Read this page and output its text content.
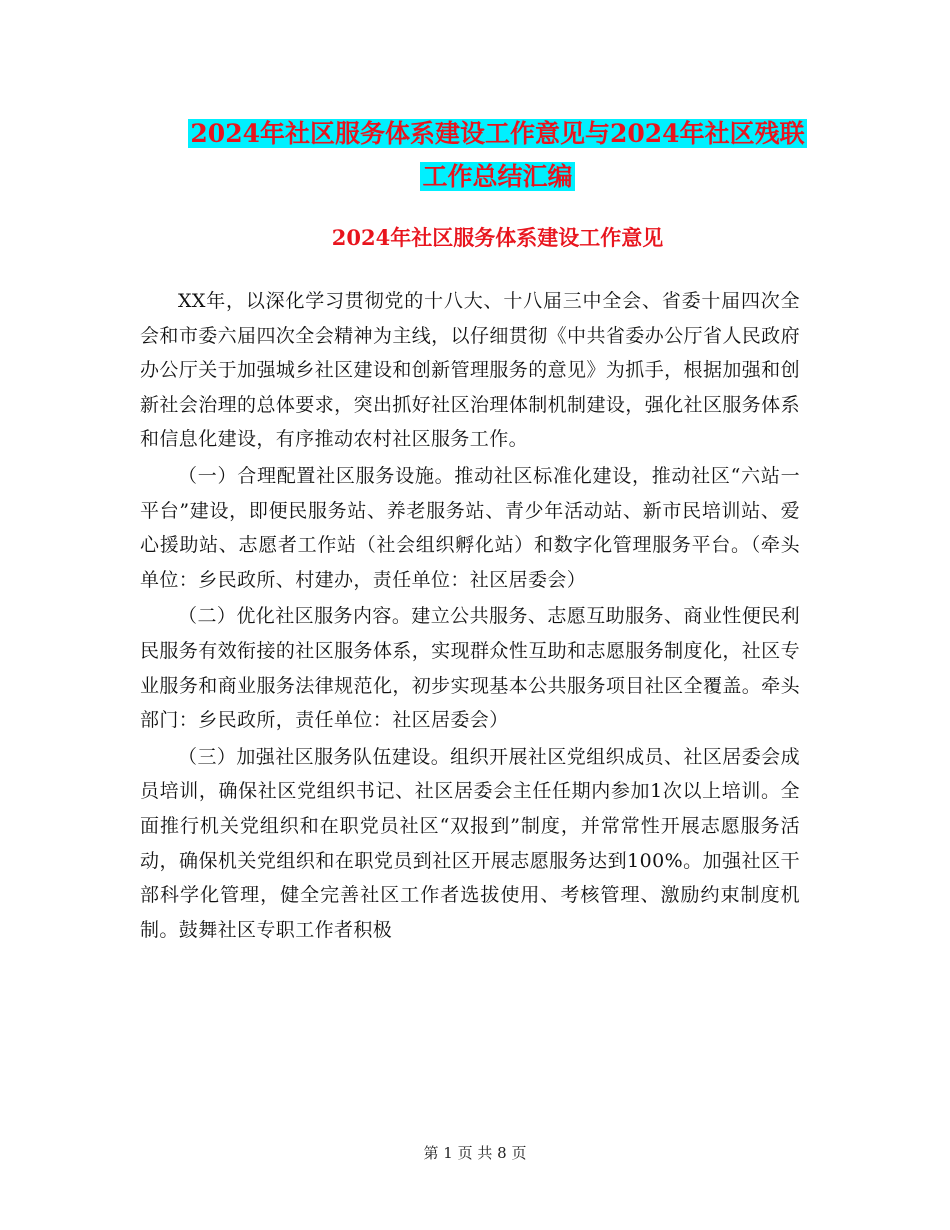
2024年社区服务体系建设工作意见与2024年社区残联
工作总结汇编
2024年社区服务体系建设工作意见

XX年，以深化学习贯彻党的十八大、十八届三中全会、省委十届四次全会和市委六届四次全会精神为主线，以仔细贯彻《中共省委办公厅省人民政府办公厅关于加强城乡社区建设和创新管理服务的意见》为抓手，根据加强和创新社会治理的总体要求，突出抓好社区治理体制机制建设，强化社区服务体系和信息化建设，有序推动农村社区服务工作。

（一）合理配置社区服务设施。推动社区标准化建设，推动社区“六站一平台”建设，即便民服务站、养老服务站、青少年活动站、新市民培训站、爱心援助站、志愿者工作站（社会组织孵化站）和数字化管理服务平台。（牵头单位：乡民政所、村建办，责任单位：社区居委会）

（二）优化社区服务内容。建立公共服务、志愿互助服务、商业性便民利民服务有效衔接的社区服务体系，实现群众性互助和志愿服务制度化，社区专业服务和商业服务法律规范化，初步实现基本公共服务项目社区全覆盖。牵头部门：乡民政所，责任单位：社区居委会）

（三）加强社区服务队伍建设。组织开展社区党组织成员、社区居委会成员培训，确保社区党组织书记、社区居委会主任任期内参加1次以上培训。全面推行机关党组织和在职党员社区“双报到”制度，并常常性开展志愿服务活动，确保机关党组织和在职党员到社区开展志愿服务达到100%。加强社区干部科学化管理，健全完善社区工作者选拔使用、考核管理、激励约束制度机制。鼓舞社区专职工作者积极

第 1 页 共 8 页
